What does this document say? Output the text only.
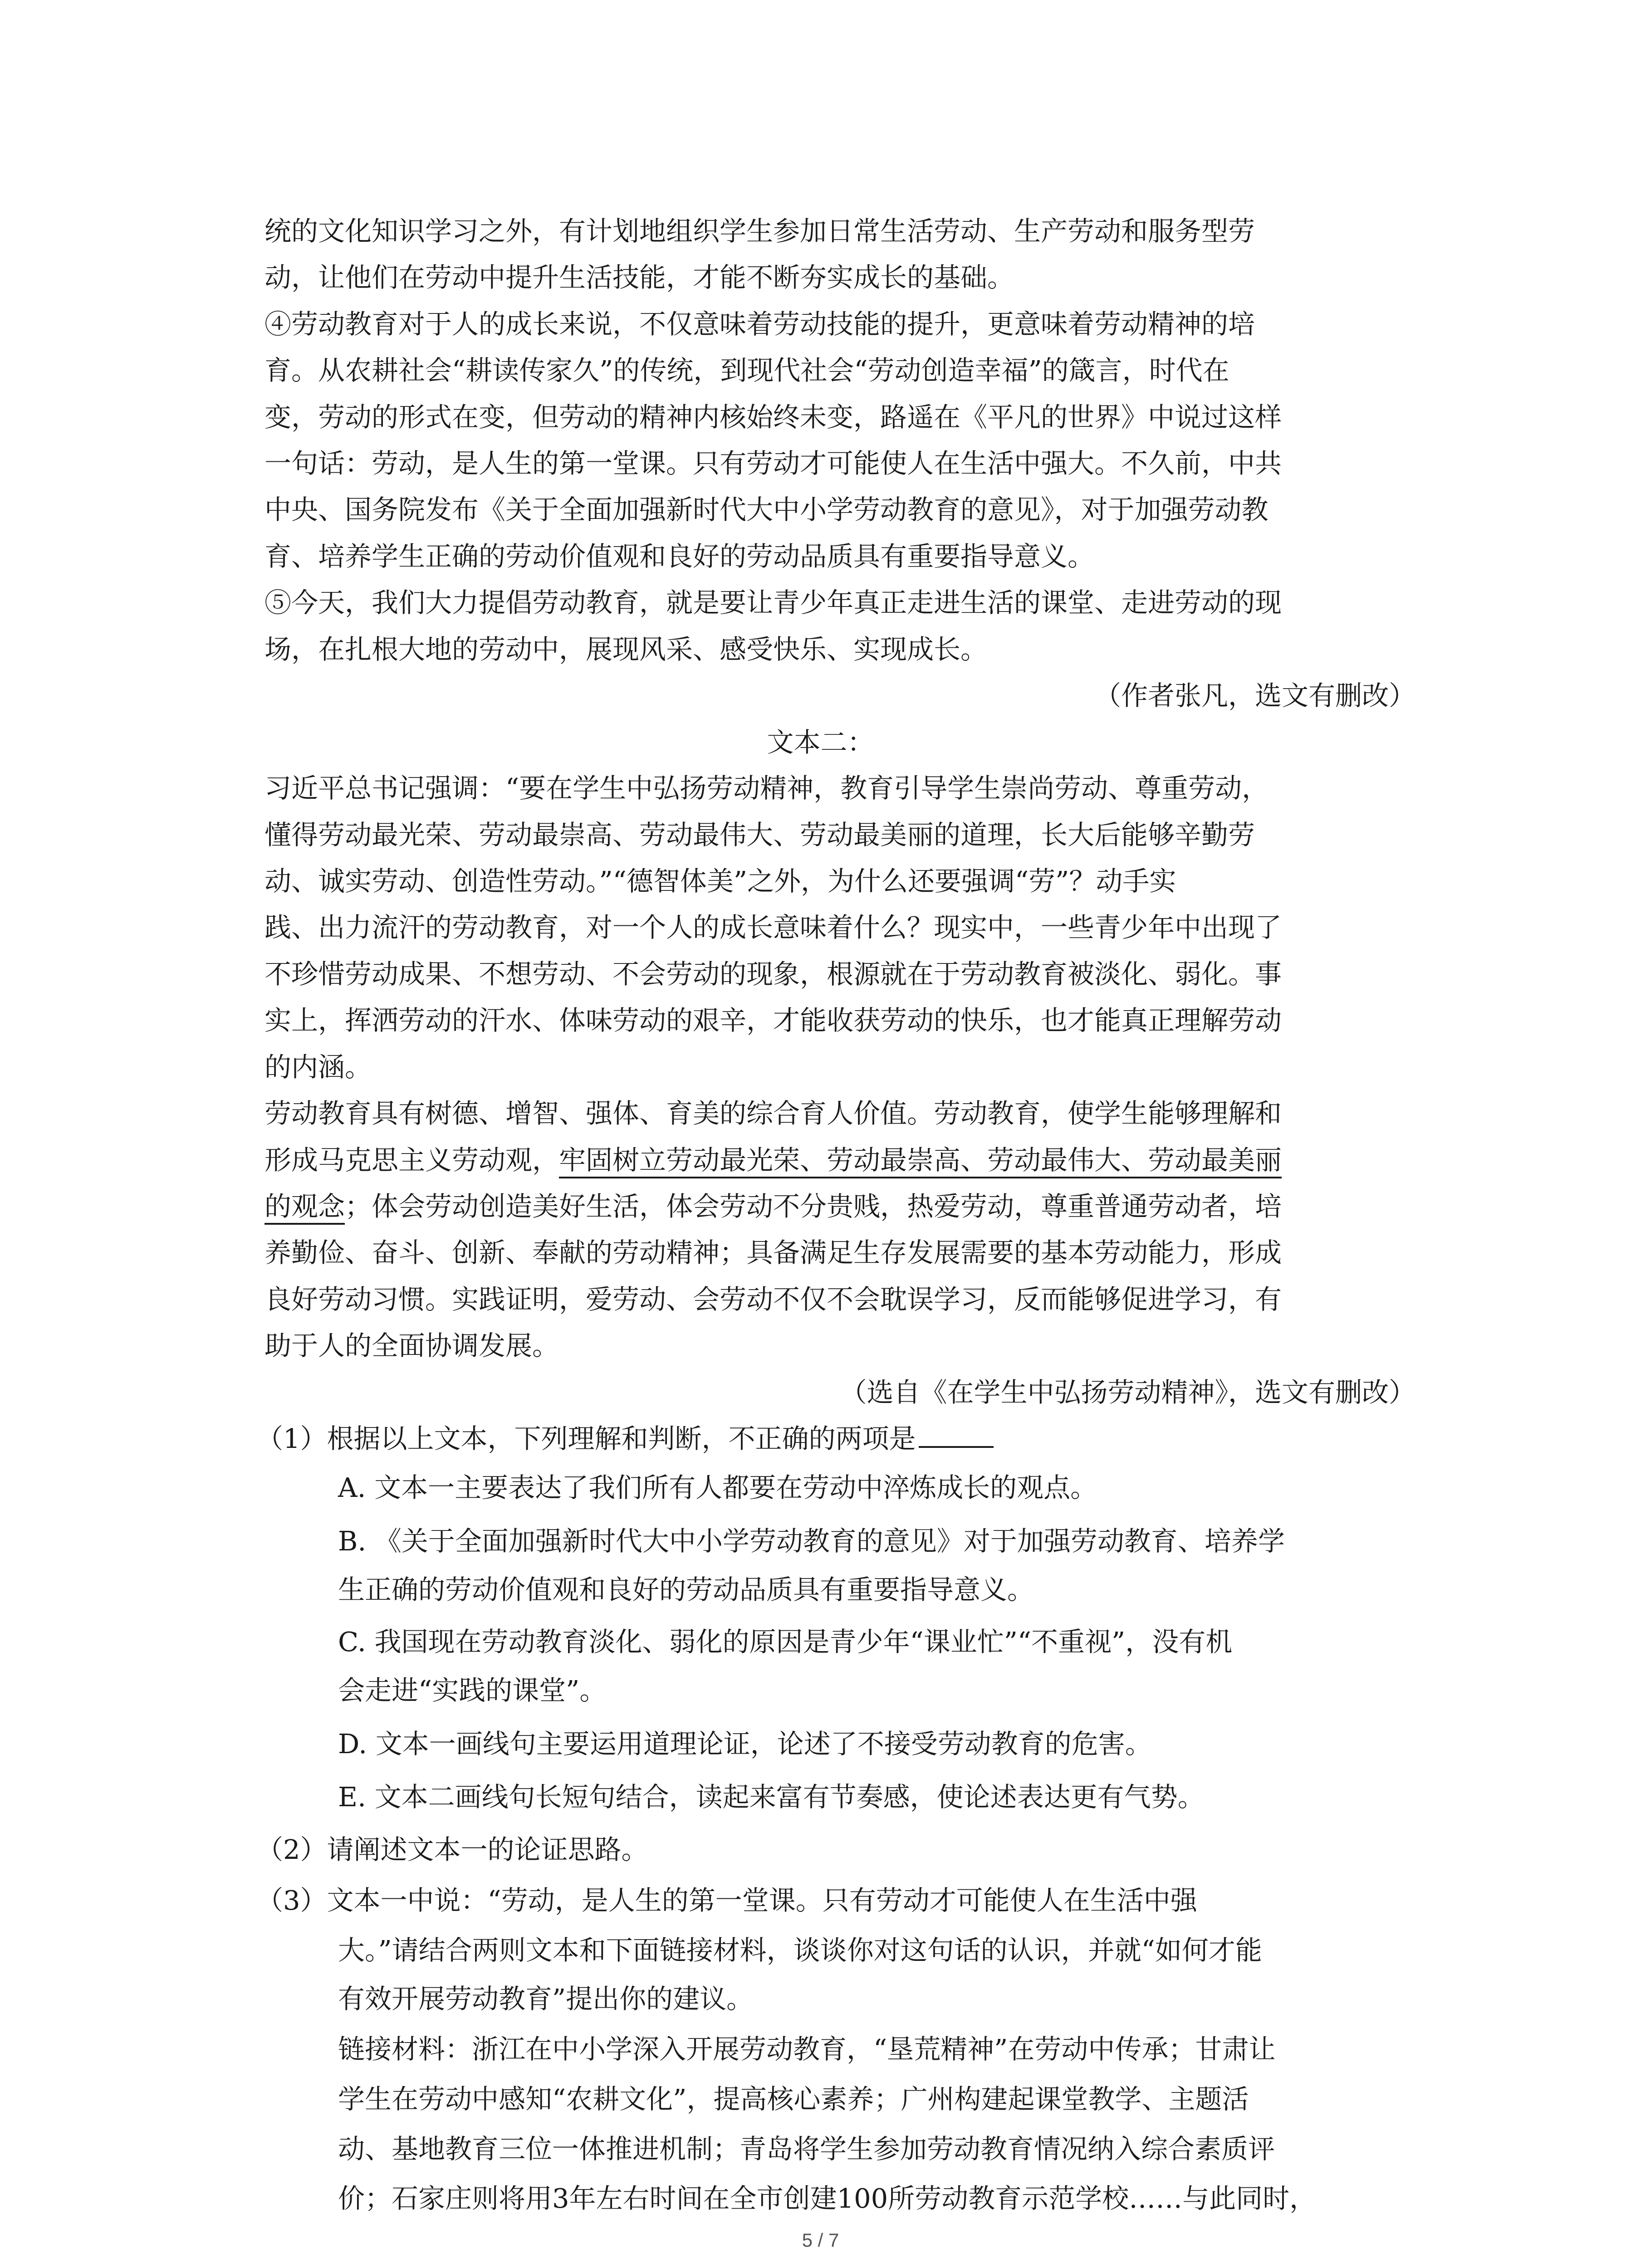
统的文化知识学习之外，有计划地组织学生参加日常生活劳动、生产劳动和服务型劳
动，让他们在劳动中提升生活技能，才能不断夯实成长的基础。
④劳动教育对于人的成长来说，不仅意味着劳动技能的提升，更意味着劳动精神的培
育。从农耕社会“耕读传家久”的传统，到现代社会“劳动创造幸福”的箴言，时代在
变，劳动的形式在变，但劳动的精神内核始终未变，路遥在《平凡的世界》中说过这样
一句话：劳动，是人生的第一堂课。只有劳动才可能使人在生活中强大。不久前，中共
中央、国务院发布《关于全面加强新时代大中小学劳动教育的意见》，对于加强劳动教
育、培养学生正确的劳动价值观和良好的劳动品质具有重要指导意义。
⑤今天，我们大力提倡劳动教育，就是要让青少年真正走进生活的课堂、走进劳动的现
场，在扎根大地的劳动中，展现风采、感受快乐、实现成长。
（作者张凡，选文有删改）
文本二：
习近平总书记强调：“要在学生中弘扬劳动精神，教育引导学生崇尚劳动、尊重劳动，
懂得劳动最光荣、劳动最崇高、劳动最伟大、劳动最美丽的道理，长大后能够辛勤劳
动、诚实劳动、创造性劳动。”“德智体美”之外，为什么还要强调“劳”？动手实
践、出力流汗的劳动教育，对一个人的成长意味着什么？现实中，一些青少年中出现了
不珍惜劳动成果、不想劳动、不会劳动的现象，根源就在于劳动教育被淡化、弱化。事
实上，挥洒劳动的汗水、体味劳动的艰辛，才能收获劳动的快乐，也才能真正理解劳动
的内涵。
劳动教育具有树德、增智、强体、育美的综合育人价值。劳动教育，使学生能够理解和
形成马克思主义劳动观，牢固树立劳动最光荣、劳动最崇高、劳动最伟大、劳动最美丽
的观念；体会劳动创造美好生活，体会劳动不分贵贱，热爱劳动，尊重普通劳动者，培
养勤俭、奋斗、创新、奉献的劳动精神；具备满足生存发展需要的基本劳动能力，形成
良好劳动习惯。实践证明，爱劳动、会劳动不仅不会耽误学习，反而能够促进学习，有
助于人的全面协调发展。
（选自《在学生中弘扬劳动精神》，选文有删改）
（1）根据以上文本，下列理解和判断，不正确的两项是
A. 文本一主要表达了我们所有人都要在劳动中淬炼成长的观点。
B. 《关于全面加强新时代大中小学劳动教育的意见》对于加强劳动教育、培养学
生正确的劳动价值观和良好的劳动品质具有重要指导意义。
C. 我国现在劳动教育淡化、弱化的原因是青少年“课业忙”“不重视”，没有机
会走进“实践的课堂”。
D. 文本一画线句主要运用道理论证，论述了不接受劳动教育的危害。
E. 文本二画线句长短句结合，读起来富有节奏感，使论述表达更有气势。
（2）请阐述文本一的论证思路。
（3）文本一中说：“劳动，是人生的第一堂课。只有劳动才可能使人在生活中强
大。”请结合两则文本和下面链接材料，谈谈你对这句话的认识，并就“如何才能
有效开展劳动教育”提出你的建议。
链接材料：浙江在中小学深入开展劳动教育，“垦荒精神”在劳动中传承；甘肃让
学生在劳动中感知“农耕文化”，提高核心素养；广州构建起课堂教学、主题活
动、基地教育三位一体推进机制；青岛将学生参加劳动教育情况纳入综合素质评
价；石家庄则将用3年左右时间在全市创建100所劳动教育示范学校……与此同时，
5 / 7
